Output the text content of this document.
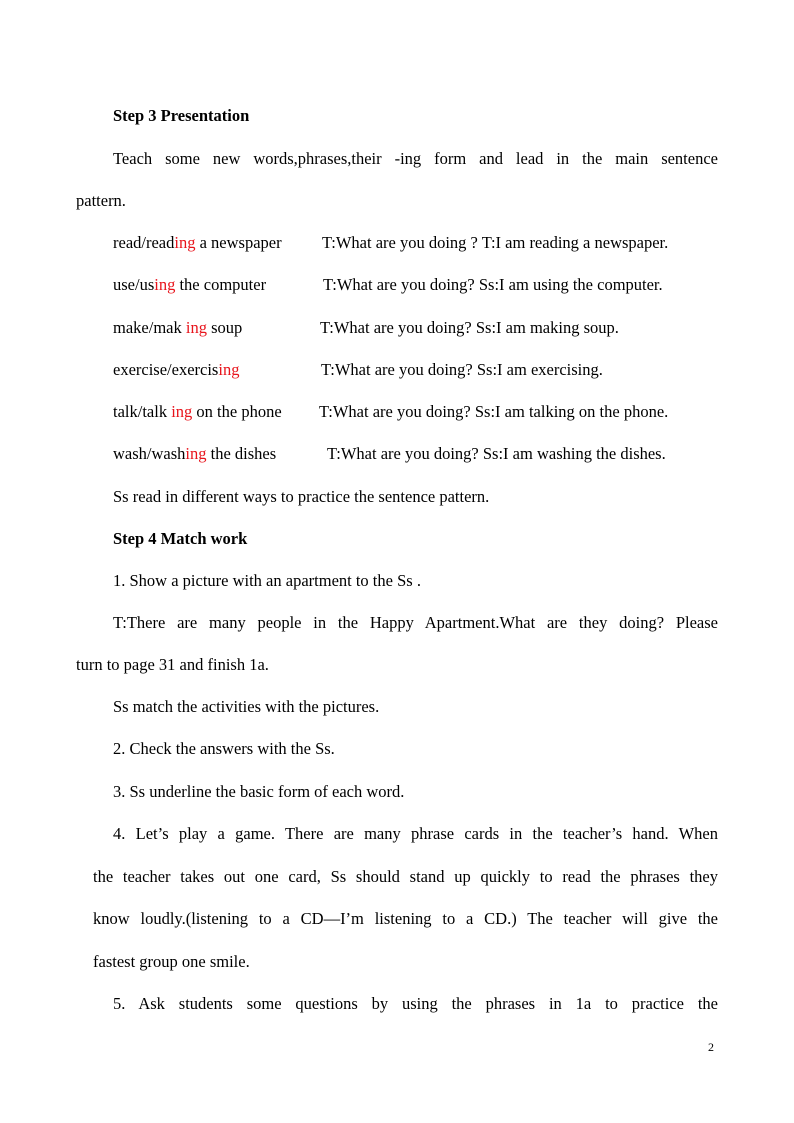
Step 3 Presentation
Teach some new words,phrases,their -ing form and lead in the main sentence
pattern.
read/reading a newspaper T:What are you doing ? T:I am reading a newspaper.
use/using the computer	T:What are you doing? Ss:I am using the computer.
make/mak ing soup	T:What are you doing? Ss:I am making soup.
exercise/exercising	T:What are you doing? Ss:I am exercising.
talk/talk ing on the phone T:What are you doing? Ss:I am talking on the phone.
wash/washing the dishes	T:What are you doing? Ss:I am washing the dishes.
Ss read in different ways to practice the sentence pattern.
Step 4 Match work
1. Show a picture with an apartment to the Ss .
T:There are many people in the Happy Apartment.What are they doing? Please
turn to page 31 and finish 1a.
Ss match the activities with the pictures.
2. Check the answers with the Ss.
3. Ss underline the basic form of each word.
4. Let’s play a game. There are many phrase cards in the teacher’s hand. When
the teacher takes out one card, Ss should stand up quickly to read the phrases they
know loudly.(listening to a CD—I’m listening to a CD.) The teacher will give the
fastest group one smile.
5. Ask students some questions by using the phrases in 1a to practice the
2
